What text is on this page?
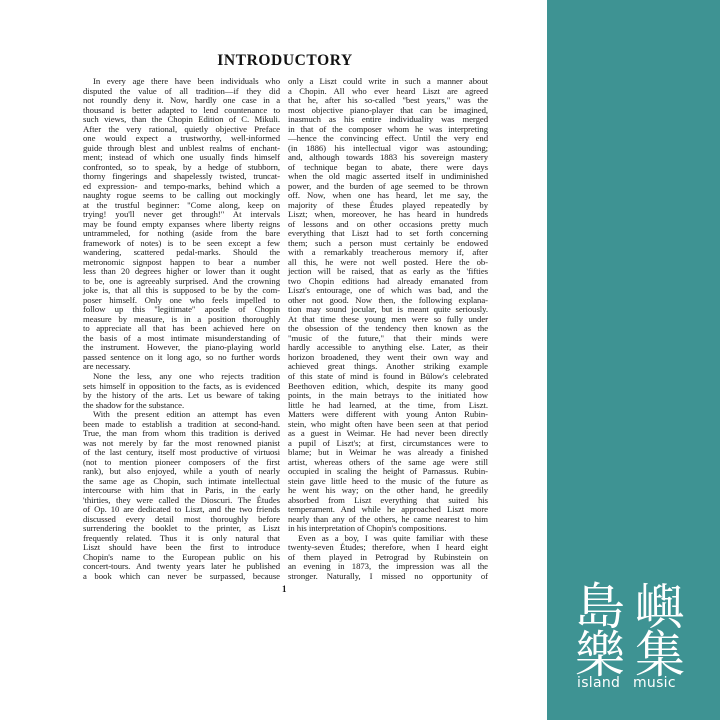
INTRODUCTORY
In every age there have been individuals who
disputed the value of all tradition—if they did
not roundly deny it. Now, hardly one case in a
thousand is better adapted to lend countenance to
such views, than the Chopin Edition of C. Mikuli.
After the very rational, quietly objective Preface
one would expect a trustworthy, well-informed
guide through blest and unblest realms of enchant-
ment; instead of which one usually finds himself
confronted, so to speak, by a hedge of stubborn,
thorny fingerings and shapelessly twisted, truncat-
ed expression- and tempo-marks, behind which a
naughty rogue seems to be calling out mockingly
at the trustful beginner: "Come along, keep on
trying! you'll never get through!" At intervals
may be found empty expanses where liberty reigns
untrammeled, for nothing (aside from the bare
framework of notes) is to be seen except a few
wandering, scattered pedal-marks. Should the
metronomic signpost happen to bear a number
less than 20 degrees higher or lower than it ought
to be, one is agreeably surprised. And the crowning
joke is, that all this is supposed to be by the com-
poser himself. Only one who feels impelled to
follow up this "legitimate" apostle of Chopin
measure by measure, is in a position thoroughly
to appreciate all that has been achieved here on
the basis of a most intimate misunderstanding of
the instrument. However, the piano-playing world
passed sentence on it long ago, so no further words
are necessary.
None the less, any one who rejects tradition
sets himself in opposition to the facts, as is evidenced
by the history of the arts. Let us beware of taking
the shadow for the substance.
With the present edition an attempt has even
been made to establish a tradition at second-hand.
True, the man from whom this tradition is derived
was not merely by far the most renowned pianist
of the last century, itself most productive of virtuosi
(not to mention pioneer composers of the first
rank), but also enjoyed, while a youth of nearly
the same age as Chopin, such intimate intellectual
intercourse with him that in Paris, in the early
'thirties, they were called the Dioscuri. The Études
of Op. 10 are dedicated to Liszt, and the two friends
discussed every detail most thoroughly before
surrendering the booklet to the printer, as Liszt
frequently related. Thus it is only natural that
Liszt should have been the first to introduce
Chopin's name to the European public on his
concert-tours. And twenty years later he published
a book which can never be surpassed, because
only a Liszt could write in such a manner about
a Chopin. All who ever heard Liszt are agreed
that he, after his so-called "best years," was the
most objective piano-player that can be imagined,
inasmuch as his entire individuality was merged
in that of the composer whom he was interpreting
—hence the convincing effect. Until the very end
(in 1886) his intellectual vigor was astounding;
and, although towards 1883 his sovereign mastery
of technique began to abate, there were days
when the old magic asserted itself in undiminished
power, and the burden of age seemed to be thrown
off. Now, when one has heard, let me say, the
majority of these Études played repeatedly by
Liszt; when, moreover, he has heard in hundreds
of lessons and on other occasions pretty much
everything that Liszt had to set forth concerning
them; such a person must certainly be endowed
with a remarkably treacherous memory if, after
all this, he were not well posted. Here the ob-
jection will be raised, that as early as the 'fifties
two Chopin editions had already emanated from
Liszt's entourage, one of which was bad, and the
other not good. Now then, the following explana-
tion may sound jocular, but is meant quite seriously.
At that time these young men were so fully under
the obsession of the tendency then known as the
"music of the future," that their minds were
hardly accessible to anything else. Later, as their
horizon broadened, they went their own way and
achieved great things. Another striking example
of this state of mind is found in Bülow's celebrated
Beethoven edition, which, despite its many good
points, in the main betrays to the initiated how
little he had learned, at the time, from Liszt.
Matters were different with young Anton Rubin-
stein, who might often have been seen at that period
as a guest in Weimar. He had never been directly
a pupil of Liszt's; at first, circumstances were to
blame; but in Weimar he was already a finished
artist, whereas others of the same age were still
occupied in scaling the height of Parnassus. Rubin-
stein gave little heed to the music of the future as
he went his way; on the other hand, he greedily
absorbed from Liszt everything that suited his
temperament. And while he approached Liszt more
nearly than any of the others, he came nearest to him
in his interpretation of Chopin's compositions.
Even as a boy, I was quite familiar with these
twenty-seven Études; therefore, when I heard eight
of them played in Petrograd by Rubinstein on
an evening in 1873, the impression was all the
stronger. Naturally, I missed no opportunity of
1	島 嶼
樂 集
island music
